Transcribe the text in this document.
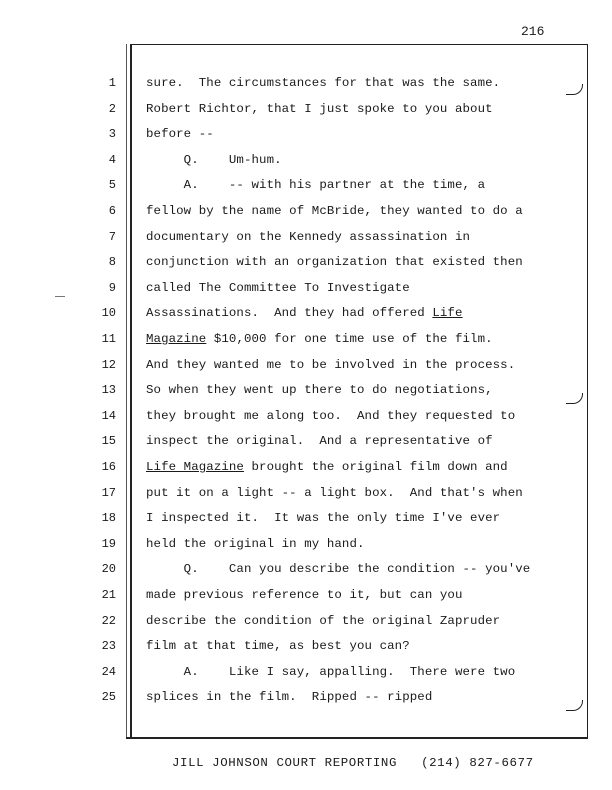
216
1 sure.  The circumstances for that was the same.
2 Robert Richtor, that I just spoke to you about
3 before --
4 Q.    Um-hum.
5 A.    -- with his partner at the time, a
6 fellow by the name of McBride, they wanted to do a
7 documentary on the Kennedy assassination in
8 conjunction with an organization that existed then
9 called The Committee To Investigate
10 Assassinations.  And they had offered Life
11 Magazine $10,000 for one time use of the film.
12 And they wanted me to be involved in the process.
13 So when they went up there to do negotiations,
14 they brought me along too.  And they requested to
15 inspect the original.  And a representative of
16 Life Magazine brought the original film down and
17 put it on a light -- a light box.  And that's when
18 I inspected it.  It was the only time I've ever
19 held the original in my hand.
20 Q.    Can you describe the condition -- you've
21 made previous reference to it, but can you
22 describe the condition of the original Zapruder
23 film at that time, as best you can?
24 A.    Like I say, appalling.  There were two
25 splices in the film.  Ripped -- ripped
JILL JOHNSON COURT REPORTING   (214) 827-6677
